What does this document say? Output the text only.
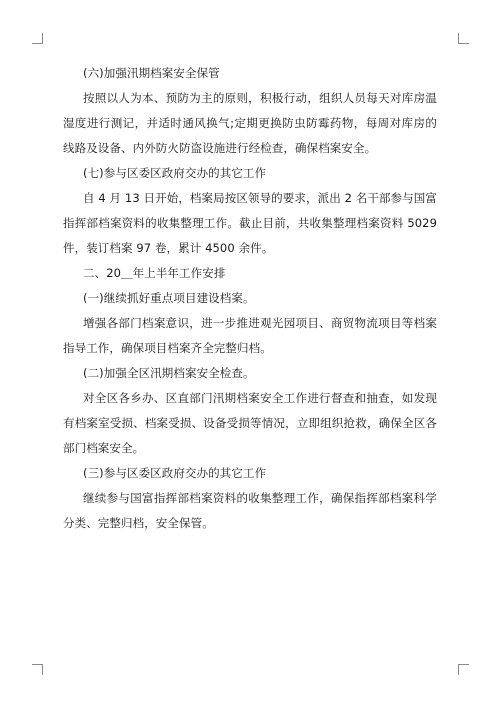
(六)加强汛期档案安全保管

按照以人为本、预防为主的原则，积极行动，组织人员每天对库房温湿度进行测记，并适时通风换气;定期更换防虫防霉药物，每周对库房的线路及设备、内外防火防盗设施进行经检查，确保档案安全。

(七)参与区委区政府交办的其它工作

自 4 月 13 日开始，档案局按区领导的要求，派出 2 名干部参与国富指挥部档案资料的收集整理工作。截止目前，共收集整理档案资料 5029 件，装订档案 97 卷，累计 4500 余件。

二、20＿年上半年工作安排

(一)继续抓好重点项目建设档案。

增强各部门档案意识，进一步推进观光园项目、商贸物流项目等档案指导工作，确保项目档案齐全完整归档。

(二)加强全区汛期档案安全检查。

对全区各乡办、区直部门汛期档案安全工作进行督查和抽查，如发现有档案室受损、档案受损、设备受损等情况，立即组织抢救，确保全区各部门档案安全。

(三)参与区委区政府交办的其它工作

继续参与国富指挥部档案资料的收集整理工作，确保指挥部档案科学分类、完整归档，安全保管。
